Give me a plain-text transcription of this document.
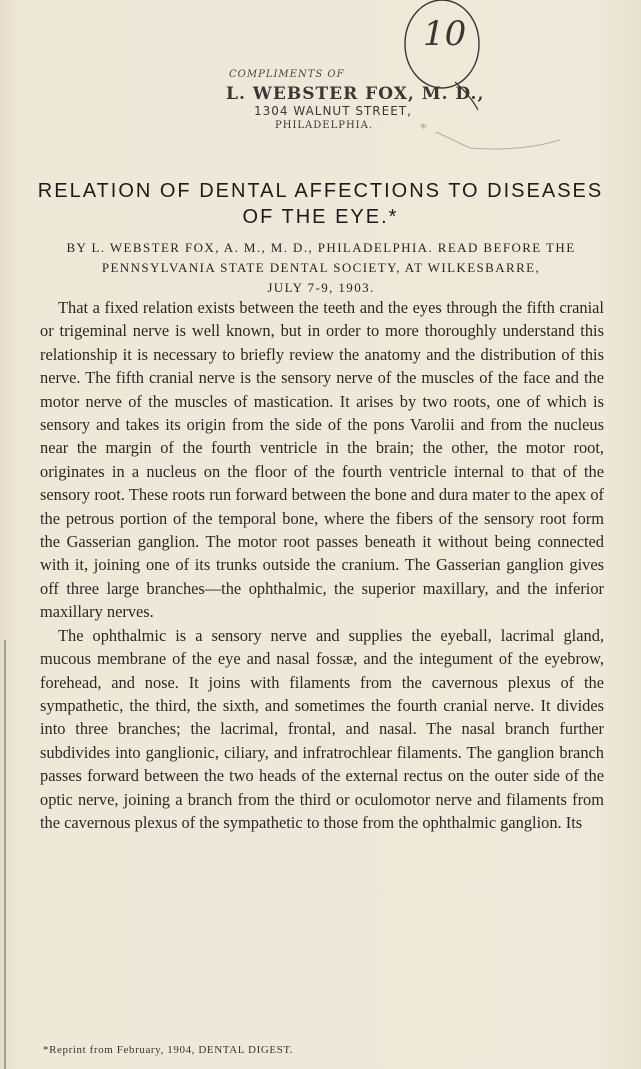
*
10
COMPLIMENTS OF
L. WEBSTER FOX, M. D.,
1304 WALNUT STREET,
PHILADELPHIA.
RELATION OF DENTAL AFFECTIONS TO DISEASES
OF THE EYE.*
BY L. WEBSTER FOX, A. M., M. D., PHILADELPHIA. READ BEFORE THE
PENNSYLVANIA STATE DENTAL SOCIETY, AT WILKESBARRE,
JULY 7-9, 1903.

That a fixed relation exists between the teeth and the eyes through the fifth cranial or trigeminal nerve is well known, but in order to more thoroughly understand this relationship it is necessary to briefly review the anatomy and the distribution of this nerve. The fifth cranial nerve is the sensory nerve of the muscles of the face and the motor nerve of the muscles of mastication. It arises by two roots, one of which is sensory and takes its origin from the side of the pons Varolii and from the nucleus near the margin of the fourth ventricle in the brain; the other, the motor root, originates in a nucleus on the floor of the fourth ventricle internal to that of the sensory root. These roots run forward between the bone and dura mater to the apex of the petrous portion of the temporal bone, where the fibers of the sensory root form the Gasserian ganglion. The motor root passes beneath it without being connected with it, joining one of its trunks outside the cranium. The Gasserian ganglion gives off three large branches—the ophthalmic, the superior maxillary, and the inferior maxillary nerves.

The ophthalmic is a sensory nerve and supplies the eyeball, lacrimal gland, mucous membrane of the eye and nasal fossæ, and the integument of the eyebrow, forehead, and nose. It joins with filaments from the cavernous plexus of the sympathetic, the third, the sixth, and sometimes the fourth cranial nerve. It divides into three branches; the lacrimal, frontal, and nasal. The nasal branch further subdivides into ganglionic, ciliary, and infratrochlear filaments. The ganglion branch passes forward between the two heads of the external rectus on the outer side of the optic nerve, joining a branch from the third or oculomotor nerve and filaments from the cavernous plexus of the sympathetic to those from the ophthalmic ganglion. Its

*Reprint from February, 1904, DENTAL DIGEST.
